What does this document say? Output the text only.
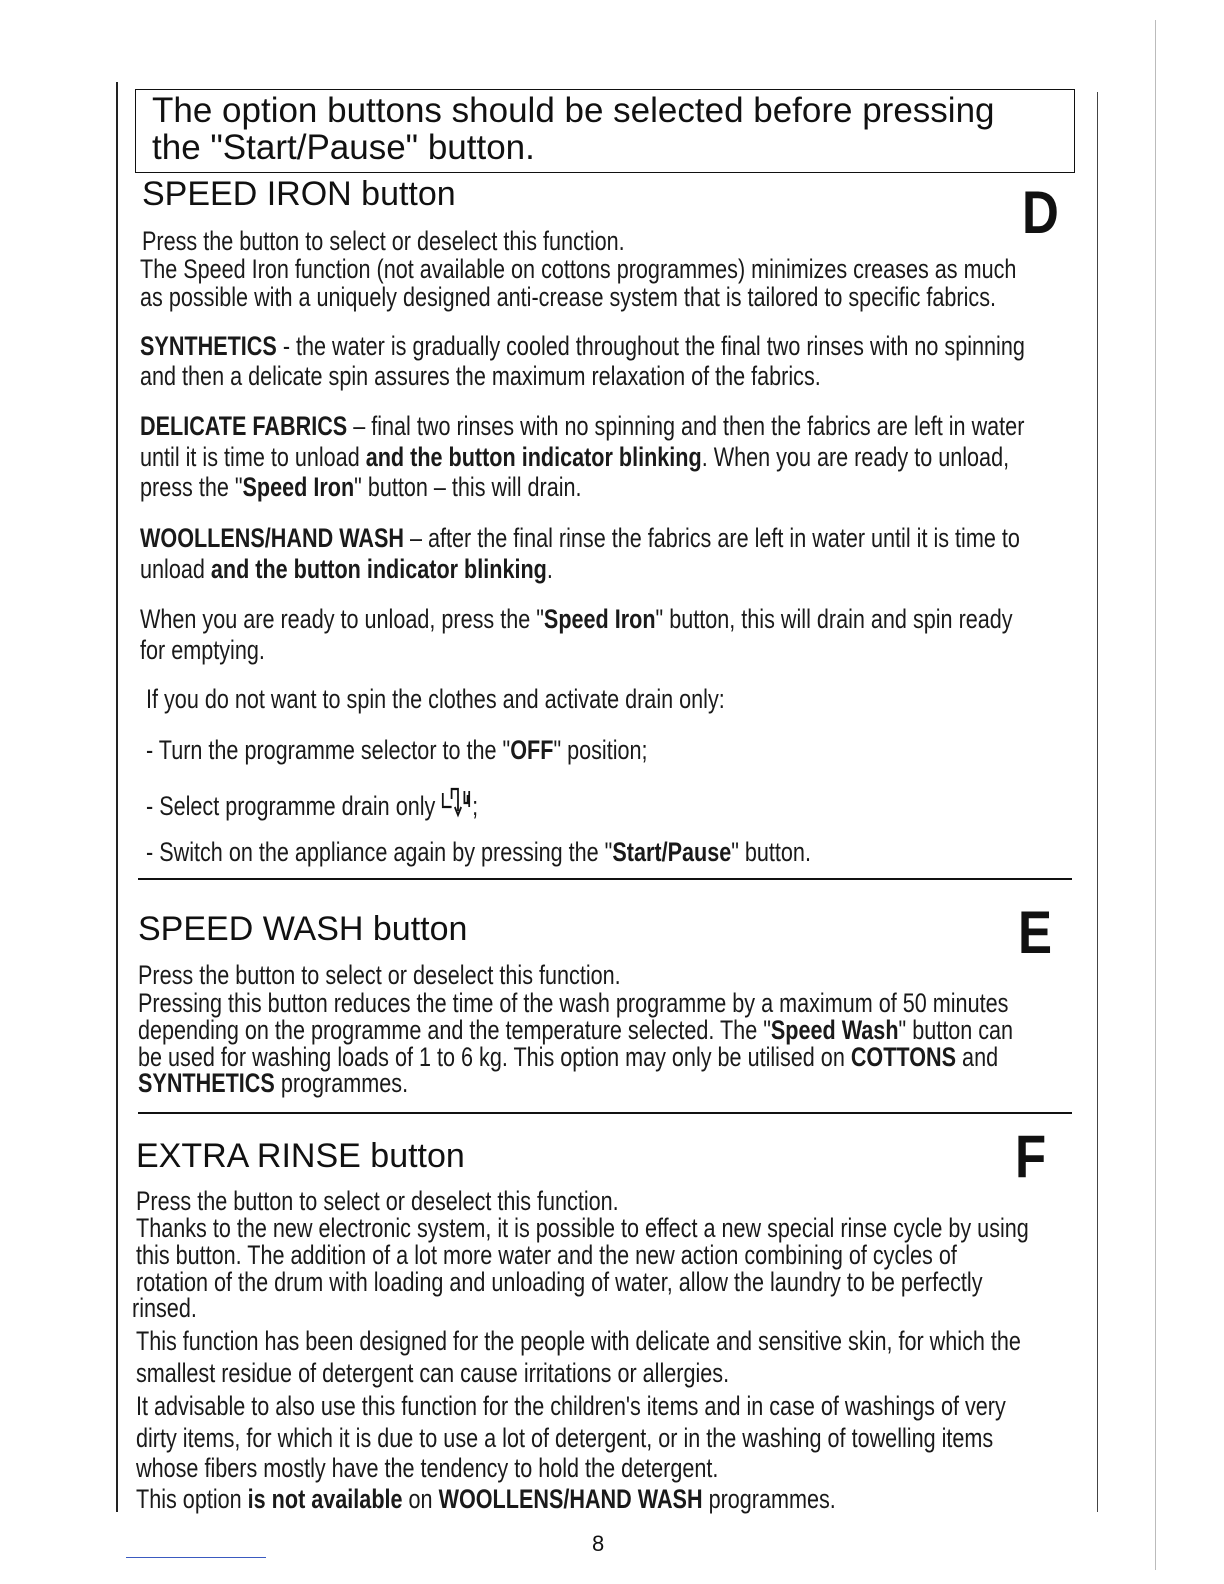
The option buttons should be selected before pressing
the "Start/Pause" button.
SPEED IRON button	D
Press the button to select or deselect this function.
The Speed Iron function (not available on cottons programmes) minimizes creases as much
as possible with a uniquely designed anti-crease system that is tailored to specific fabrics.
SYNTHETICS - the water is gradually cooled throughout the final two rinses with no spinning
and then a delicate spin assures the maximum relaxation of the fabrics.
DELICATE FABRICS – final two rinses with no spinning and then the fabrics are left in water
until it is time to unload and the button indicator blinking. When you are ready to unload,
press the "Speed Iron" button – this will drain.
WOOLLENS/HAND WASH – after the final rinse the fabrics are left in water until it is time to
unload and the button indicator blinking.
When you are ready to unload, press the "Speed Iron" button, this will drain and spin ready
for emptying.
If you do not want to spin the clothes and activate drain only:
- Turn the programme selector to the "OFF" position;
- Select programme drain only ;
- Switch on the appliance again by pressing the "Start/Pause" button.
SPEED WASH button	E
Press the button to select or deselect this function.
Pressing this button reduces the time of the wash programme by a maximum of 50 minutes
depending on the programme and the temperature selected. The "Speed Wash" button can
be used for washing loads of 1 to 6 kg. This option may only be utilised on COTTONS and
SYNTHETICS programmes.
EXTRA RINSE button	F
Press the button to select or deselect this function.
Thanks to the new electronic system, it is possible to effect a new special rinse cycle by using
this button. The addition of a lot more water and the new action combining of cycles of
rotation of the drum with loading and unloading of water, allow the laundry to be perfectly
rinsed.
This function has been designed for the people with delicate and sensitive skin, for which the
smallest residue of detergent can cause irritations or allergies.
It advisable to also use this function for the children's items and in case of washings of very
dirty items, for which it is due to use a lot of detergent, or in the washing of towelling items
whose fibers mostly have the tendency to hold the detergent.
This option is not available on WOOLLENS/HAND WASH programmes.
8
